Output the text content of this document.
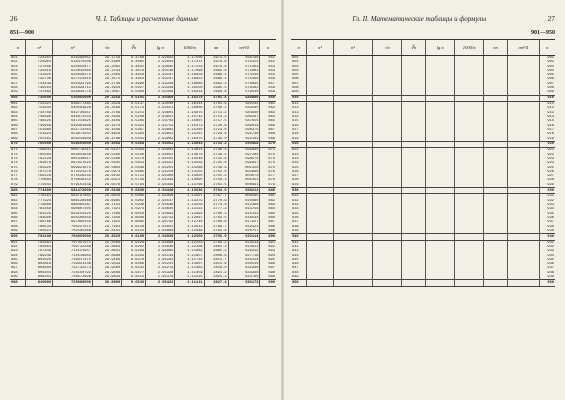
26	Ч. I. Таблицы и расчетные данные
851—900
n	n²	n³	√n	∛n	lg n	1000/n	πn	πn²/4	n
851	724201	616295051	29.1719	9.4768	2.92993	1.17509	2673.5	568786	851
852	725904	618470208	29.1890	9.4805	2.93044	1.17371	2676.6	570124	852
853	727609	620650477	29.2062	9.4842	2.93095	1.17233	2679.8	571463	853
854	729316	622835864	29.2233	9.4879	2.93146	1.17096	2682.9	572803	854
855	731025	625026375	29.2404	9.4916	2.93197	1.16959	2686.1	574146	855
856	732736	627222016	29.2575	9.4953	2.93247	1.16822	2689.2	575490	856
857	734449	629422793	29.2746	9.4990	2.93298	1.16686	2692.3	576835	857
858	736164	631628712	29.2916	9.5027	2.93349	1.16550	2695.5	578182	858
859	737881	633839779	29.3087	9.5064	2.93399	1.16414	2698.6	579530	859
860	739600	636056000	29.3258	9.5101	2.93450	1.16279	2701.8	580880	860
861	741321	638277381	29.3428	9.5137	2.93500	1.16144	2704.9	582232	861
862	743044	640503928	29.3598	9.5174	2.93551	1.16009	2708.1	583585	862
863	744769	642735647	29.3769	9.5211	2.93601	1.15875	2711.2	584940	863
864	746496	644972544	29.3939	9.5248	2.93651	1.15741	2714.3	586297	864
865	748225	647214625	29.4109	9.5284	2.93702	1.15607	2717.5	587655	865
866	749956	649461896	29.4279	9.5321	2.93752	1.15473	2720.6	589014	866
867	751689	651714363	29.4449	9.5357	2.93802	1.15340	2723.8	590375	867
868	753424	653972032	29.4618	9.5394	2.93852	1.15207	2726.9	591738	868
869	755161	656234909	29.4788	9.5431	2.93902	1.15075	2730.0	593102	869
870	756900	658503000	29.4958	9.5468	2.93952	1.14943	2733.2	594468	870
871	758641	660776311	29.5127	9.5503	2.94002	1.14811	2736.3	595835	871
872	760384	663054848	29.5296	9.5540	2.94052	1.14679	2739.5	597204	872
873	762129	665338617	29.5466	9.5576	2.94101	1.14548	2742.6	598575	873
874	763876	667627624	29.5635	9.5613	2.94151	1.14416	2745.8	599947	874
875	765625	669921875	29.5804	9.5649	2.94201	1.14286	2748.9	601320	875
876	767376	672221376	29.5973	9.5685	2.94250	1.14155	2752.0	602696	876
877	769129	674526133	29.6142	9.5721	2.94300	1.14025	2755.2	604073	877
878	770884	676836152	29.6311	9.5758	2.94349	1.13895	2758.3	605451	878
879	772641	679151439	29.6479	9.5794	2.94399	1.13766	2761.5	606831	879
880	774400	681472000	29.6648	9.5830	2.94448	1.13636	2764.6	608212	880
881	776161	683797841	29.6816	9.5866	2.94498	1.13507	2767.7	609595	881
882	777924	686128968	29.6985	9.5902	2.94547	1.13379	2770.9	610980	882
883	779689	688465387	29.7153	9.5938	2.94596	1.13250	2774.0	612366	883
884	781456	690807104	29.7321	9.5974	2.94645	1.13122	2777.2	613754	884
885	783225	693154125	29.7489	9.6010	2.94694	1.12994	2780.3	615143	885
886	784996	695506456	29.7658	9.6046	2.94743	1.12867	2783.5	616534	886
887	786769	697864103	29.7825	9.6082	2.94792	1.12740	2786.6	617927	887
888	788544	700227072	29.7993	9.6118	2.94841	1.12613	2789.7	619321	888
889	790321	702595369	29.8161	9.6154	2.94890	1.12486	2792.9	620717	889
890	792100	704969000	29.8329	9.6190	2.94939	1.12360	2796.0	622114	890
891	793881	707347971	29.8496	9.6226	2.94988	1.12233	2799.2	623513	891
892	795664	709732288	29.8664	9.6262	2.95036	1.12108	2802.3	624913	892
893	797449	712121957	29.8831	9.6298	2.95085	1.11982	2805.4	626315	893
894	799236	714516984	29.8998	9.6334	2.95134	1.11857	2808.6	627718	894
895	801025	716917375	29.9166	9.6370	2.95182	1.11732	2811.7	629124	895
896	802816	719323136	29.9333	9.6406	2.95231	1.11607	2814.9	630530	896
897	804609	721734273	29.9500	9.6442	2.95279	1.11483	2818.0	631938	897
898	806404	724150792	29.9666	9.6477	2.95328	1.11359	2821.2	633348	898
899	808201	726572699	29.9833	9.6513	2.95376	1.11235	2824.3	634760	899
900	810000	729000000	30.0000	9.6549	2.95424	1.11111	2827.4	636173	900
Гл. II. Математические таблицы и формулы	27
901—950
n	n²	n³	√n	∛n	lg n	1000/n	πn	πn²/4	n
901									901
902									902
903									903
904									904
905									905
906									906
907									907
908									908
909									909
910									910
911									911
912									912
913									913
914									914
915									915
916									916
917									917
918									918
919									919
920									920
921									921
922									922
923									923
924									924
925									925
926									926
927									927
928									928
929									929
930									930
931									931
932									932
933									933
934									934
935									935
936									936
937									937
938									938
939									939
940									940
941									941
942									942
943									943
944									944
945									945
946									946
947									947
948									948
949									949
950									950
